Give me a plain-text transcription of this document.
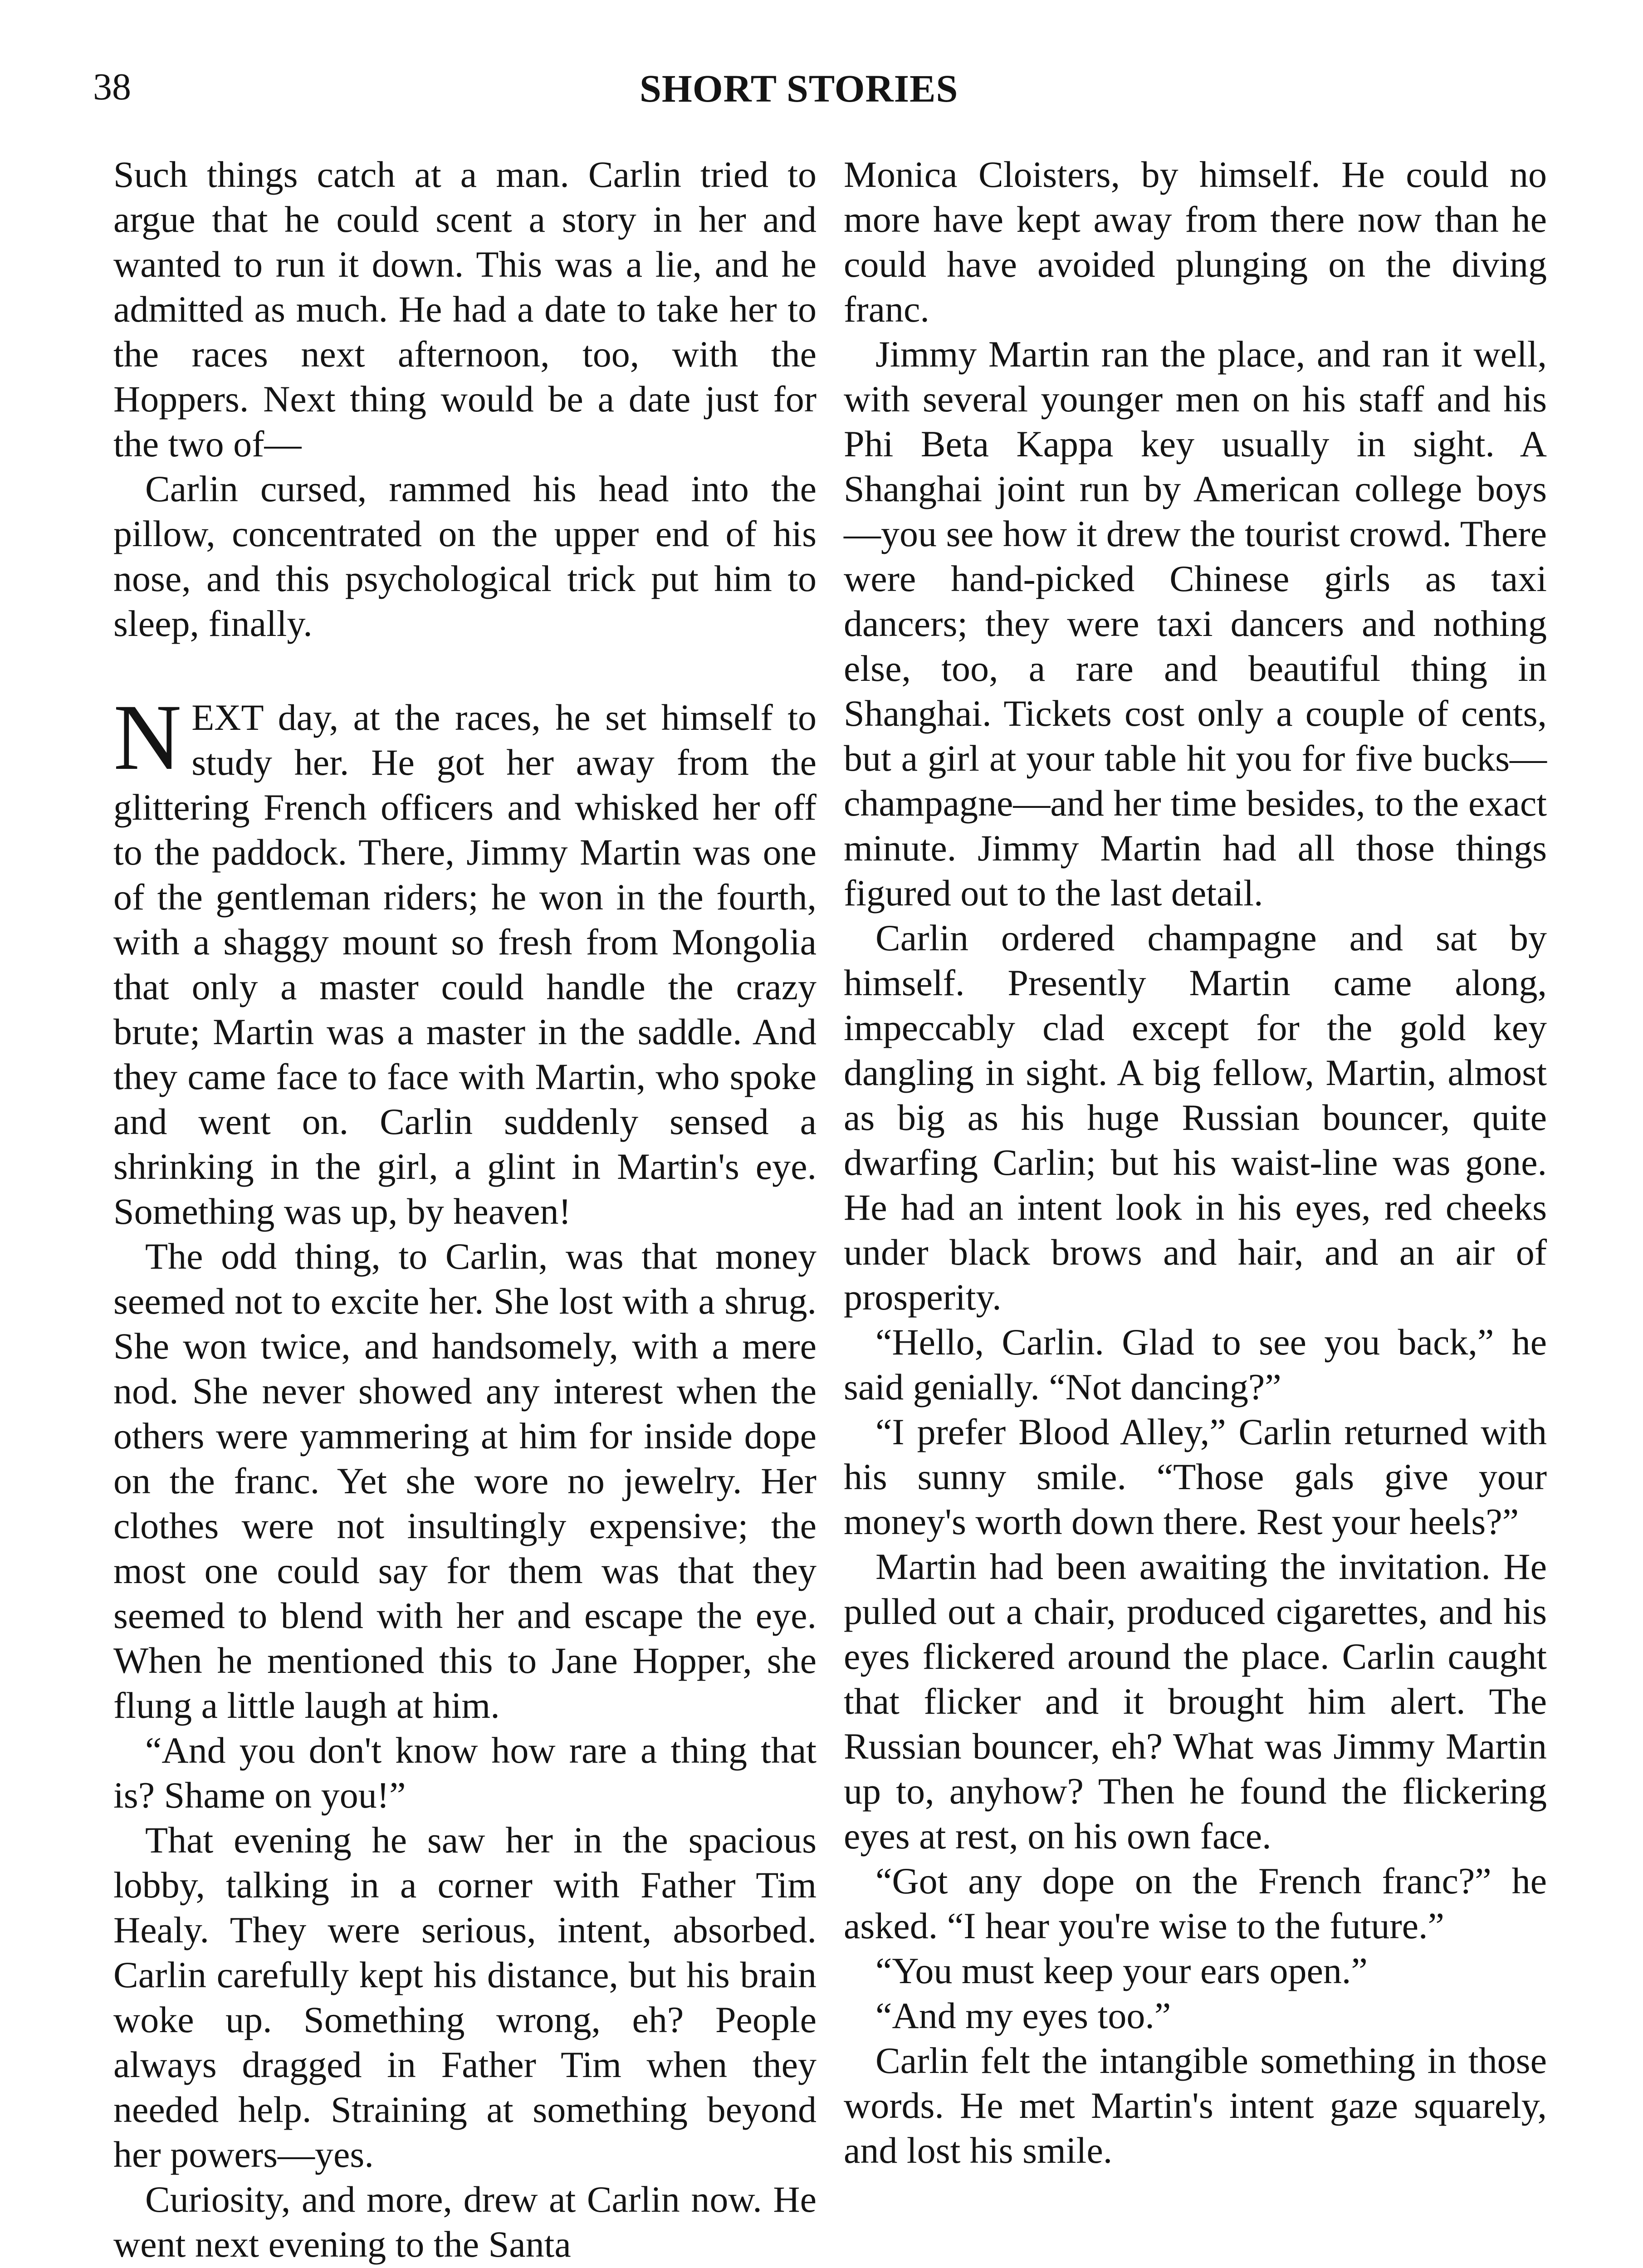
38	SHORT STORIES

Such things catch at a man. Carlin tried to argue that he could scent a story in her and wanted to run it down. This was a lie, and he admitted as much. He had a date to take her to the races next afternoon, too, with the Hoppers. Next thing would be a date just for the two of—

Carlin cursed, rammed his head into the pillow, concentrated on the upper end of his nose, and this psychological trick put him to sleep, finally.

NEXT day, at the races, he set himself to study her. He got her away from the glittering French officers and whisked her off to the paddock. There, Jimmy Martin was one of the gentleman riders; he won in the fourth, with a shaggy mount so fresh from Mongolia that only a master could handle the crazy brute; Martin was a master in the saddle. And they came face to face with Martin, who spoke and went on. Carlin suddenly sensed a shrinking in the girl, a glint in Martin's eye. Something was up, by heaven!

The odd thing, to Carlin, was that money seemed not to excite her. She lost with a shrug. She won twice, and handsomely, with a mere nod. She never showed any interest when the others were yammering at him for inside dope on the franc. Yet she wore no jewelry. Her clothes were not insultingly expensive; the most one could say for them was that they seemed to blend with her and escape the eye. When he mentioned this to Jane Hopper, she flung a little laugh at him.

“And you don't know how rare a thing that is? Shame on you!”

That evening he saw her in the spacious lobby, talking in a corner with Father Tim Healy. They were serious, intent, absorbed. Carlin carefully kept his distance, but his brain woke up. Something wrong, eh? People always dragged in Father Tim when they needed help. Straining at something beyond her powers—yes.

Curiosity, and more, drew at Carlin now. He went next evening to the Santa

Monica Cloisters, by himself. He could no more have kept away from there now than he could have avoided plunging on the diving franc.

Jimmy Martin ran the place, and ran it well, with several younger men on his staff and his Phi Beta Kappa key usually in sight. A Shanghai joint run by American college boys—you see how it drew the tourist crowd. There were hand-picked Chinese girls as taxi dancers; they were taxi dancers and nothing else, too, a rare and beautiful thing in Shanghai. Tickets cost only a couple of cents, but a girl at your table hit you for five bucks—champagne—and her time besides, to the exact minute. Jimmy Martin had all those things figured out to the last detail.

Carlin ordered champagne and sat by himself. Presently Martin came along, impeccably clad except for the gold key dangling in sight. A big fellow, Martin, almost as big as his huge Russian bouncer, quite dwarfing Carlin; but his waist-line was gone. He had an intent look in his eyes, red cheeks under black brows and hair, and an air of prosperity.

“Hello, Carlin. Glad to see you back,” he said genially. “Not dancing?”

“I prefer Blood Alley,” Carlin returned with his sunny smile. “Those gals give your money's worth down there. Rest your heels?”

Martin had been awaiting the invitation. He pulled out a chair, produced cigarettes, and his eyes flickered around the place. Carlin caught that flicker and it brought him alert. The Russian bouncer, eh? What was Jimmy Martin up to, anyhow? Then he found the flickering eyes at rest, on his own face.

“Got any dope on the French franc?” he asked. “I hear you're wise to the future.”

“You must keep your ears open.”

“And my eyes too.”

Carlin felt the intangible something in those words. He met Martin's intent gaze squarely, and lost his smile.
